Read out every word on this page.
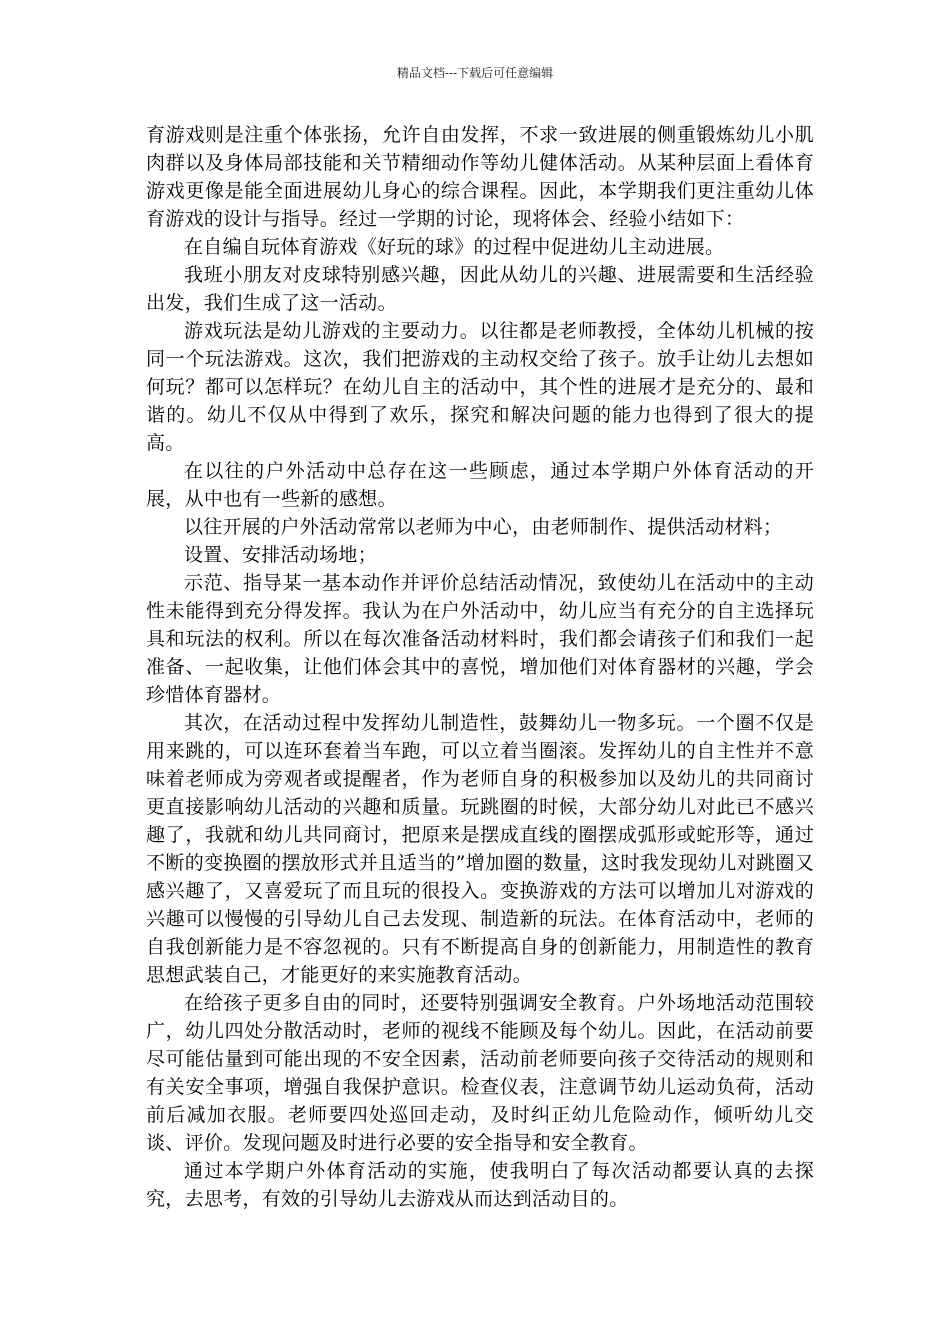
精品文档---下载后可任意编辑

育游戏则是注重个体张扬，允许自由发挥，不求一致进展的侧重锻炼幼儿小肌肉群以及身体局部技能和关节精细动作等幼儿健体活动。从某种层面上看体育游戏更像是能全面进展幼儿身心的综合课程。因此，本学期我们更注重幼儿体育游戏的设计与指导。经过一学期的讨论，现将体会、经验小结如下：

在自编自玩体育游戏《好玩的球》的过程中促进幼儿主动进展。

我班小朋友对皮球特别感兴趣，因此从幼儿的兴趣、进展需要和生活经验出发，我们生成了这一活动。

游戏玩法是幼儿游戏的主要动力。以往都是老师教授，全体幼儿机械的按同一个玩法游戏。这次，我们把游戏的主动权交给了孩子。放手让幼儿去想如何玩？都可以怎样玩？在幼儿自主的活动中，其个性的进展才是充分的、最和谐的。幼儿不仅从中得到了欢乐，探究和解决问题的能力也得到了很大的提高。

在以往的户外活动中总存在这一些顾虑，通过本学期户外体育活动的开展，从中也有一些新的感想。

以往开展的户外活动常常以老师为中心，由老师制作、提供活动材料；

设置、安排活动场地；

示范、指导某一基本动作并评价总结活动情况，致使幼儿在活动中的主动性未能得到充分得发挥。我认为在户外活动中，幼儿应当有充分的自主选择玩具和玩法的权利。所以在每次准备活动材料时，我们都会请孩子们和我们一起准备、一起收集，让他们体会其中的喜悦，增加他们对体育器材的兴趣，学会珍惜体育器材。

其次，在活动过程中发挥幼儿制造性，鼓舞幼儿一物多玩。一个圈不仅是用来跳的，可以连环套着当车跑，可以立着当圈滚。发挥幼儿的自主性并不意味着老师成为旁观者或提醒者，作为老师自身的积极参加以及幼儿的共同商讨更直接影响幼儿活动的兴趣和质量。玩跳圈的时候，大部分幼儿对此已不感兴趣了，我就和幼儿共同商讨，把原来是摆成直线的圈摆成弧形或蛇形等，通过不断的变换圈的摆放形式并且适当的”增加圈的数量，这时我发现幼儿对跳圈又感兴趣了，又喜爱玩了而且玩的很投入。变换游戏的方法可以增加儿对游戏的兴趣可以慢慢的引导幼儿自己去发现、制造新的玩法。在体育活动中，老师的自我创新能力是不容忽视的。只有不断提高自身的创新能力，用制造性的教育思想武装自己，才能更好的来实施教育活动。

在给孩子更多自由的同时，还要特别强调安全教育。户外场地活动范围较广，幼儿四处分散活动时，老师的视线不能顾及每个幼儿。因此，在活动前要尽可能估量到可能出现的不安全因素，活动前老师要向孩子交待活动的规则和有关安全事项，增强自我保护意识。检查仪表，注意调节幼儿运动负荷，活动前后减加衣服。老师要四处巡回走动，及时纠正幼儿危险动作，倾听幼儿交谈、评价。发现问题及时进行必要的安全指导和安全教育。

通过本学期户外体育活动的实施，使我明白了每次活动都要认真的去探究，去思考，有效的引导幼儿去游戏从而达到活动目的。
